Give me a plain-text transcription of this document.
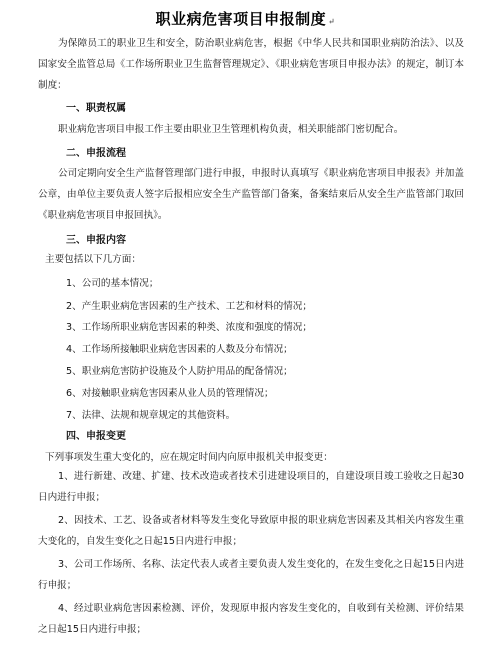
职业病危害项目申报制度 ↵

为保障员工的职业卫生和安全，防治职业病危害，根据《中华人民共和国职业病防治法》、以及国家安全监管总局《工作场所职业卫生监督管理规定》、《职业病危害项目申报办法》的规定，制订本制度：

一、职责权属

职业病危害项目申报工作主要由职业卫生管理机构负责，相关职能部门密切配合。

二、申报流程

公司定期向安全生产监督管理部门进行申报，申报时认真填写《职业病危害项目申报表》并加盖公章，由单位主要负责人签字后报相应安全生产监管部门备案，备案结束后从安全生产监管部门取回《职业病危害项目申报回执》。

三、申报内容

主要包括以下几方面：

1、公司的基本情况；

2、产生职业病危害因素的生产技术、工艺和材料的情况；

3、工作场所职业病危害因素的种类、浓度和强度的情况；

4、工作场所接触职业病危害因素的人数及分布情况；

5、职业病危害防护设施及个人防护用品的配备情况；

6、对接触职业病危害因素从业人员的管理情况；

7、法律、法规和规章规定的其他资料。

四、申报变更

下列事项发生重大变化的，应在规定时间内向原申报机关申报变更：

1、进行新建、改建、扩建、技术改造或者技术引进建设项目的，自建设项目竣工验收之日起30日内进行申报；

2、因技术、工艺、设备或者材料等发生变化导致原申报的职业病危害因素及其相关内容发生重大变化的，自发生变化之日起15日内进行申报；

3、公司工作场所、名称、法定代表人或者主要负责人发生变化的，在发生变化之日起15日内进行申报；

4、经过职业病危害因素检测、评价，发现原申报内容发生变化的，自收到有关检测、评价结果之日起15日内进行申报；
